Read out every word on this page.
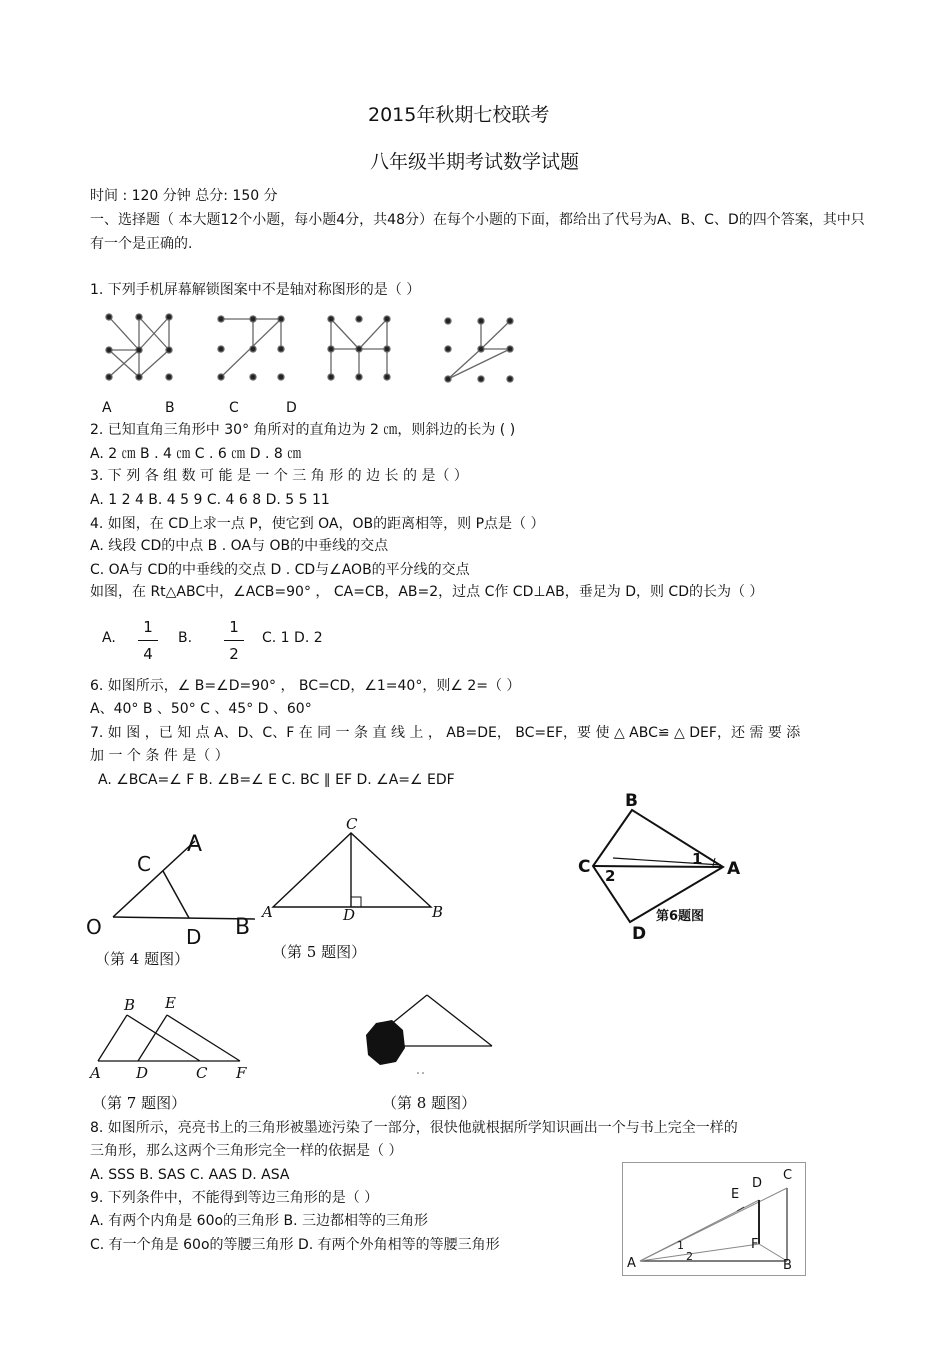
2015年秋期七校联考
八年级半期考试数学试题
时间 : 120 分钟 总分: 150 分
一、选择题（ 本大题12个小题，每小题4分，共48分）在每个小题的下面，都给出了代号为A、B、C、D的四个答案，其中只
有一个是正确的.
1. 下列手机屏幕解锁图案中不是轴对称图形的是（ ）
A	B	C	D
2. 已知直角三角形中 30° 角所对的直角边为 2 ㎝，则斜边的长为 ( )
A. 2 ㎝ B . 4 ㎝ C . 6 ㎝ D . 8 ㎝
3. 下 列 各 组 数 可 能 是 一 个 三 角 形 的 边 长 的 是（ ）
A. 1 2 4 B. 4 5 9 C. 4 6 8 D. 5 5 11
4. 如图，在 CD上求一点 P，使它到 OA，OB的距离相等，则 P点是（ ）
A. 线段 CD的中点 B . OA与 OB的中垂线的交点
C. OA与 CD的中垂线的交点 D . CD与∠AOB的平分线的交点
如图，在 Rt△ABC中，∠ACB=90° ， CA=CB，AB=2，过点 C作 CD⊥AB，垂足为 D，则 CD的长为（ ）
A.
1
4
B.
1
2
C. 1 D. 2
6. 如图所示，∠ B=∠D=90° ， BC=CD，∠1=40°，则∠ 2=（ ）
A、40° B 、50° C 、45° D 、60°
7. 如 图 ，已 知 点 A、D、C、F 在 同 一 条 直 线 上 ， AB=DE， BC=EF，要 使 △ ABC≌ △ DEF，还 需 要 添
加 一 个 条 件 是（ ）
A. ∠BCA=∠ F B. ∠B=∠ E C. BC ∥ EF D. ∠A=∠ EDF
A
C
O	D B
（第 4 题图）
C
A	D	B
（第 5 题图）
B
C	A
D
1
2
第6题图
B E
A D	C F
（第 7 题图）	（第 8 题图）
8. 如图所示，亮亮书上的三角形被墨迹污染了一部分，很快他就根据所学知识画出一个与书上完全一样的
三角形，那么这两个三角形完全一样的依据是（ ）
A. SSS B. SAS C. AAS D. ASA
9. 下列条件中，不能得到等边三角形的是（ ）
A. 有两个内角是 60o的三角形 B. 三边都相等的三角形
C. 有一个角是 60o的等腰三角形 D. 有两个外角相等的等腰三角形
C
D
E
F
A	B
1
2
